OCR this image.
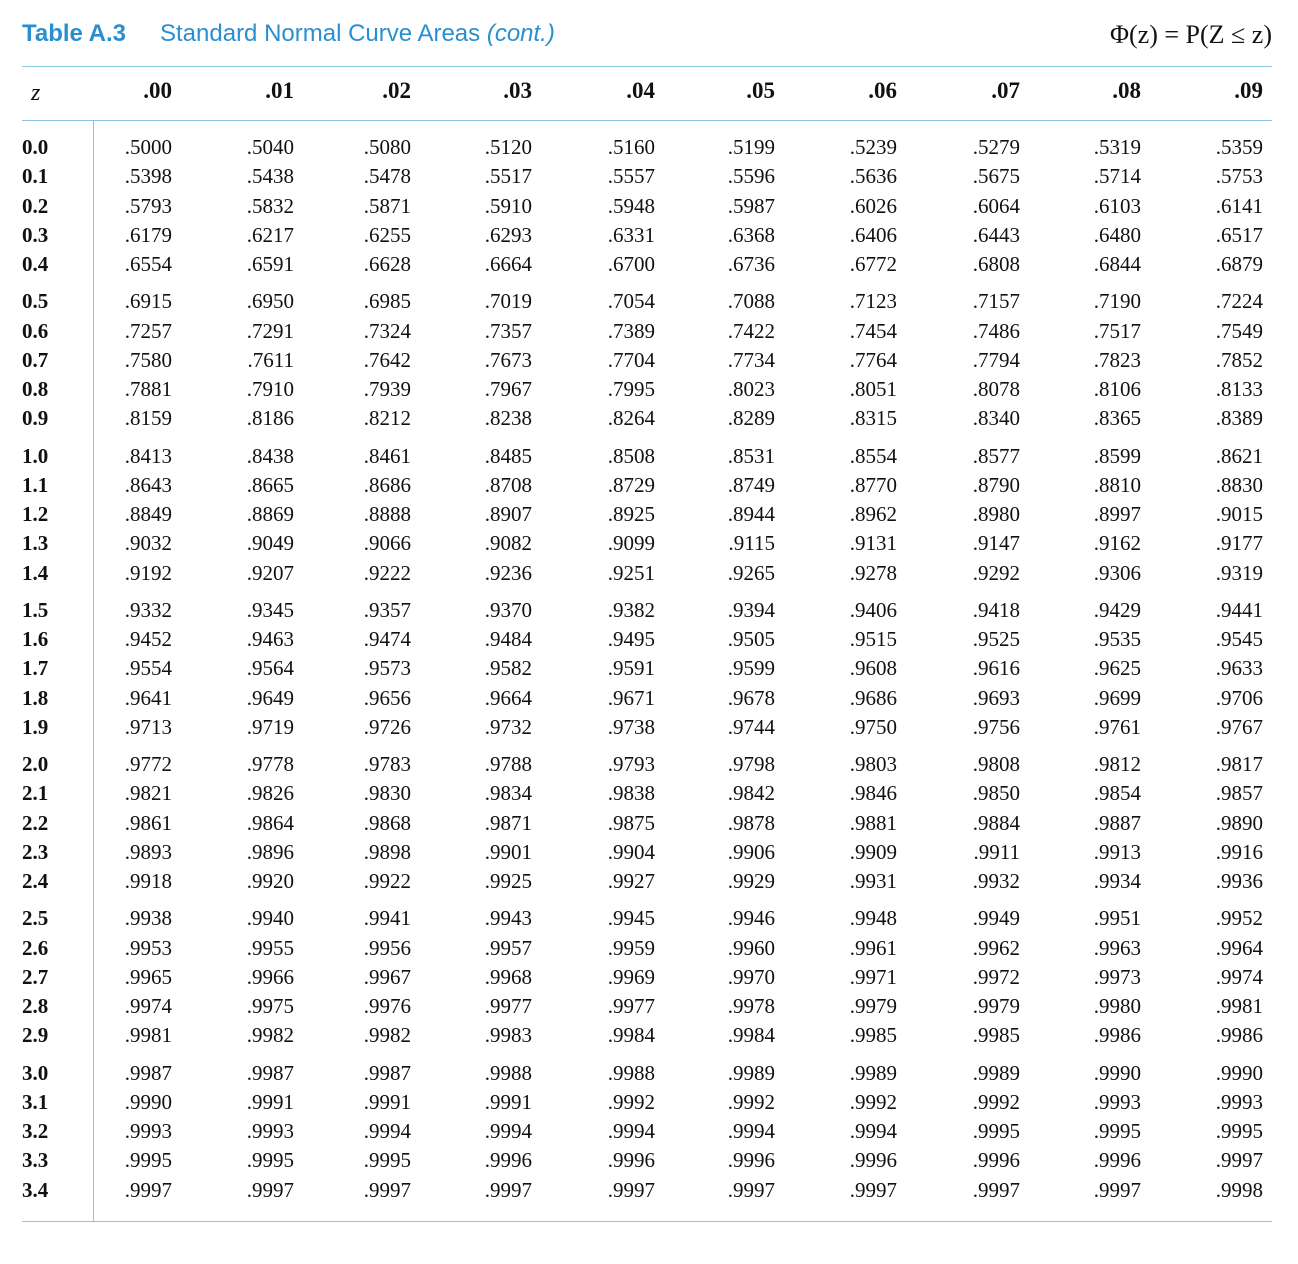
Table A.3 Standard Normal Curve Areas (cont.)	Φ(z) = P(Z ≤ z)
z	.00	.01	.02	.03	.04	.05	.06	.07	.08	.09
0.0	.5000	.5040	.5080	.5120	.5160	.5199	.5239	.5279	.5319	.5359
0.1	.5398	.5438	.5478	.5517	.5557	.5596	.5636	.5675	.5714	.5753
0.2	.5793	.5832	.5871	.5910	.5948	.5987	.6026	.6064	.6103	.6141
0.3	.6179	.6217	.6255	.6293	.6331	.6368	.6406	.6443	.6480	.6517
0.4	.6554	.6591	.6628	.6664	.6700	.6736	.6772	.6808	.6844	.6879
0.5	.6915	.6950	.6985	.7019	.7054	.7088	.7123	.7157	.7190	.7224
0.6	.7257	.7291	.7324	.7357	.7389	.7422	.7454	.7486	.7517	.7549
0.7	.7580	.7611	.7642	.7673	.7704	.7734	.7764	.7794	.7823	.7852
0.8	.7881	.7910	.7939	.7967	.7995	.8023	.8051	.8078	.8106	.8133
0.9	.8159	.8186	.8212	.8238	.8264	.8289	.8315	.8340	.8365	.8389
1.0	.8413	.8438	.8461	.8485	.8508	.8531	.8554	.8577	.8599	.8621
1.1	.8643	.8665	.8686	.8708	.8729	.8749	.8770	.8790	.8810	.8830
1.2	.8849	.8869	.8888	.8907	.8925	.8944	.8962	.8980	.8997	.9015
1.3	.9032	.9049	.9066	.9082	.9099	.9115	.9131	.9147	.9162	.9177
1.4	.9192	.9207	.9222	.9236	.9251	.9265	.9278	.9292	.9306	.9319
1.5	.9332	.9345	.9357	.9370	.9382	.9394	.9406	.9418	.9429	.9441
1.6	.9452	.9463	.9474	.9484	.9495	.9505	.9515	.9525	.9535	.9545
1.7	.9554	.9564	.9573	.9582	.9591	.9599	.9608	.9616	.9625	.9633
1.8	.9641	.9649	.9656	.9664	.9671	.9678	.9686	.9693	.9699	.9706
1.9	.9713	.9719	.9726	.9732	.9738	.9744	.9750	.9756	.9761	.9767
2.0	.9772	.9778	.9783	.9788	.9793	.9798	.9803	.9808	.9812	.9817
2.1	.9821	.9826	.9830	.9834	.9838	.9842	.9846	.9850	.9854	.9857
2.2	.9861	.9864	.9868	.9871	.9875	.9878	.9881	.9884	.9887	.9890
2.3	.9893	.9896	.9898	.9901	.9904	.9906	.9909	.9911	.9913	.9916
2.4	.9918	.9920	.9922	.9925	.9927	.9929	.9931	.9932	.9934	.9936
2.5	.9938	.9940	.9941	.9943	.9945	.9946	.9948	.9949	.9951	.9952
2.6	.9953	.9955	.9956	.9957	.9959	.9960	.9961	.9962	.9963	.9964
2.7	.9965	.9966	.9967	.9968	.9969	.9970	.9971	.9972	.9973	.9974
2.8	.9974	.9975	.9976	.9977	.9977	.9978	.9979	.9979	.9980	.9981
2.9	.9981	.9982	.9982	.9983	.9984	.9984	.9985	.9985	.9986	.9986
3.0	.9987	.9987	.9987	.9988	.9988	.9989	.9989	.9989	.9990	.9990
3.1	.9990	.9991	.9991	.9991	.9992	.9992	.9992	.9992	.9993	.9993
3.2	.9993	.9993	.9994	.9994	.9994	.9994	.9994	.9995	.9995	.9995
3.3	.9995	.9995	.9995	.9996	.9996	.9996	.9996	.9996	.9996	.9997
3.4	.9997	.9997	.9997	.9997	.9997	.9997	.9997	.9997	.9997	.9998
